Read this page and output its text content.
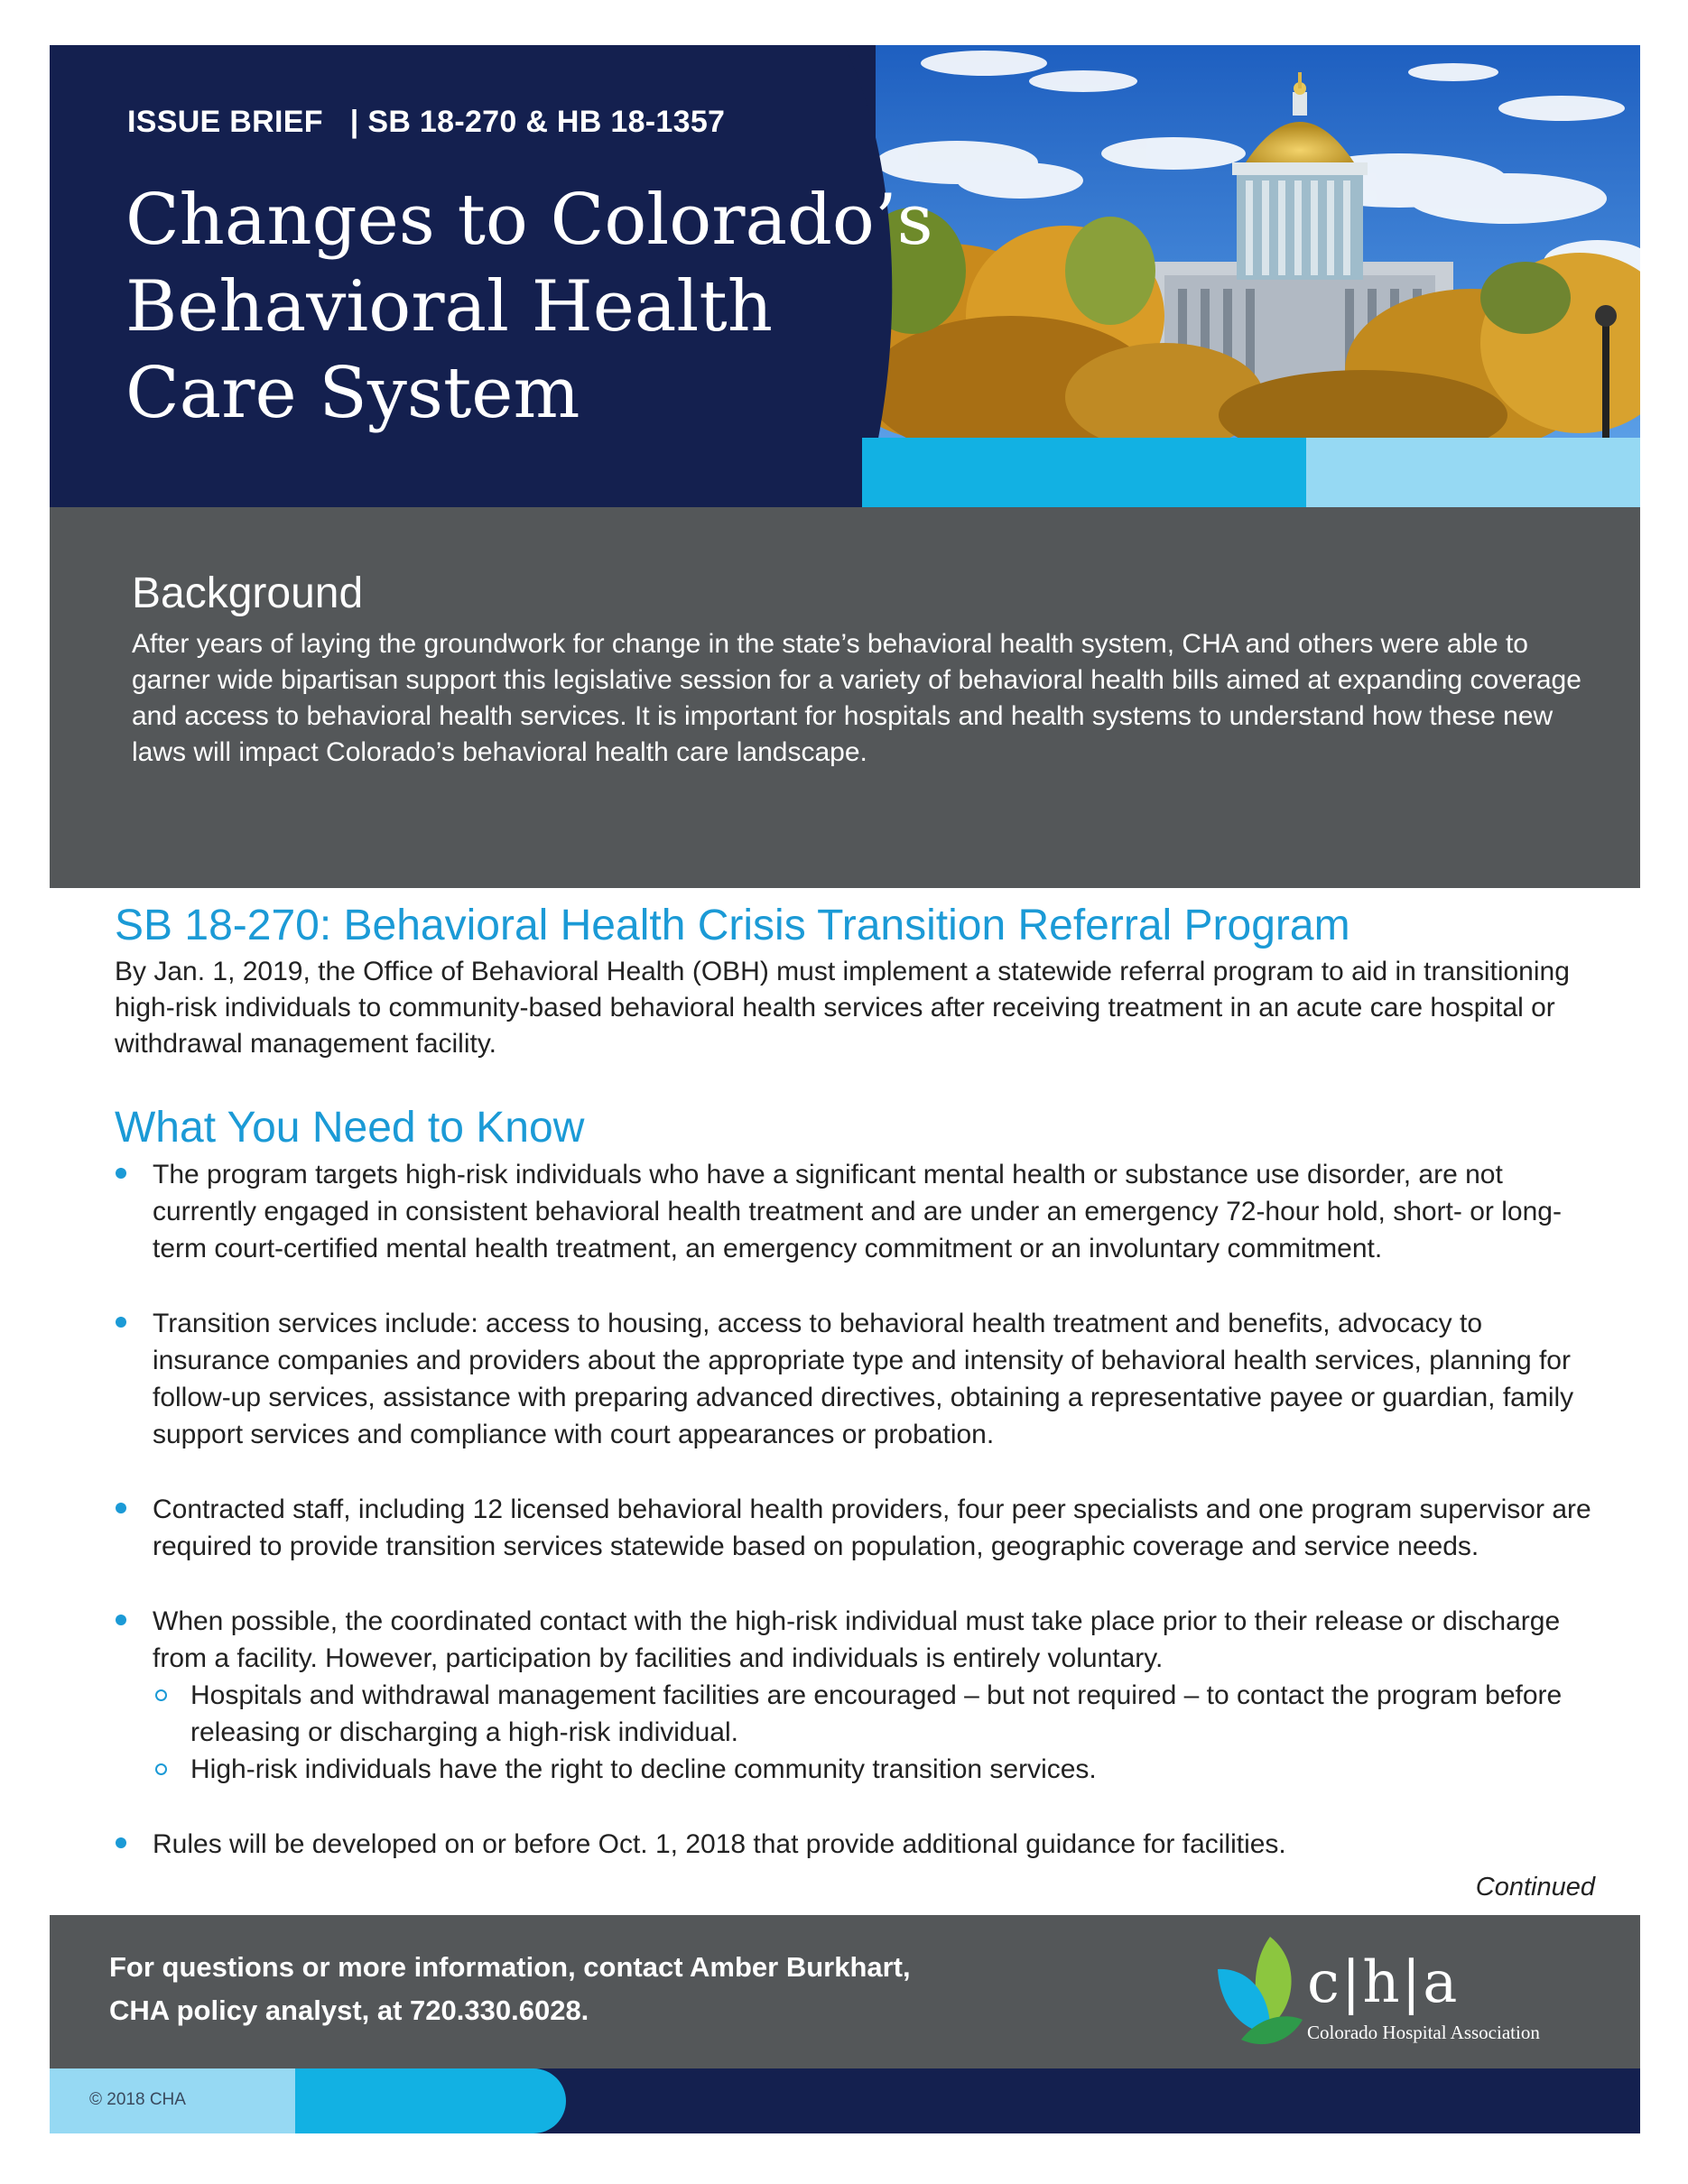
ISSUE BRIEF | SB 18-270 & HB 18-1357
Changes to Colorado’s
Behavioral Health
Care System
Background

After years of laying the groundwork for change in the state’s behavioral health system, CHA and others were able to garner wide bipartisan support this legislative session for a variety of behavioral health bills aimed at expanding coverage and access to behavioral health services. It is important for hospitals and health systems to understand how these new laws will impact Colorado’s behavioral health care landscape.

SB 18-270: Behavioral Health Crisis Transition Referral Program

By Jan. 1, 2019, the Office of Behavioral Health (OBH) must implement a statewide referral program to aid in transitioning high-risk individuals to community-based behavioral health services after receiving treatment in an acute care hospital or withdrawal management facility.

What You Need to Know
The program targets high-risk individuals who have a significant mental health or substance use disorder, are not currently engaged in consistent behavioral health treatment and are under an emergency 72-hour hold, short- or long-term court-certified mental health treatment, an emergency commitment or an involuntary commitment.
Transition services include: access to housing, access to behavioral health treatment and benefits, advocacy to insurance companies and providers about the appropriate type and intensity of behavioral health services, planning for follow-up services, assistance with preparing advanced directives, obtaining a representative payee or guardian, family support services and compliance with court appearances or probation.
Contracted staff, including 12 licensed behavioral health providers, four peer specialists and one program supervisor are required to provide transition services statewide based on population, geographic coverage and service needs.
When possible, the coordinated contact with the high-risk individual must take place prior to their release or discharge from a facility. However, participation by facilities and individuals is entirely voluntary.
Hospitals and withdrawal management facilities are encouraged – but not required – to contact the program before releasing or discharging a high-risk individual.
High-risk individuals have the right to decline community transition services.
Rules will be developed on or before Oct. 1, 2018 that provide additional guidance for facilities.
Continued

For questions or more information, contact Amber Burkhart,
CHA policy analyst, at 720.330.6028.	c|h|a
Colorado Hospital Association
© 2018 CHA
